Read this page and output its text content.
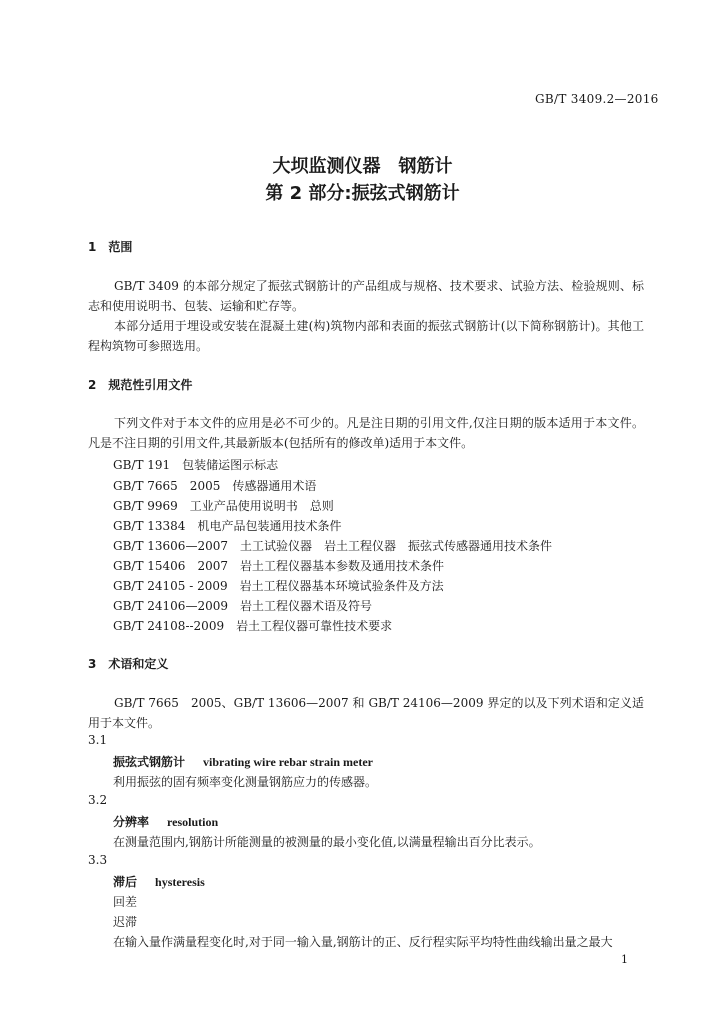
GB/T 3409.2—2016
大坝监测仪器　钢筋计
第 2 部分:振弦式钢筋计
1　范围
GB/T 3409 的本部分规定了振弦式钢筋计的产品组成与规格、技术要求、试验方法、检验规则、标志和使用说明书、包装、运输和贮存等。
本部分适用于埋设或安装在混凝土建(构)筑物内部和表面的振弦式钢筋计(以下简称钢筋计)。其他工程构筑物可参照选用。
2　规范性引用文件
下列文件对于本文件的应用是必不可少的。凡是注日期的引用文件,仅注日期的版本适用于本文件。凡是不注日期的引用文件,其最新版本(包括所有的修改单)适用于本文件。
GB/T 191　包装储运图示标志
GB/T 7665　2005　传感器通用术语
GB/T 9969　工业产品使用说明书　总则
GB/T 13384　机电产品包装通用技术条件
GB/T 13606—2007　土工试验仪器　岩土工程仪器　振弦式传感器通用技术条件
GB/T 15406　2007　岩土工程仪器基本参数及通用技术条件
GB/T 24105 - 2009　岩土工程仪器基本环境试验条件及方法
GB/T 24106—2009　岩土工程仪器术语及符号
GB/T 24108--2009　岩土工程仪器可靠性技术要求
3　术语和定义
GB/T 7665　2005、GB/T 13606—2007 和 GB/T 24106—2009 界定的以及下列术语和定义适用于本文件。
3.1
振弦式钢筋计 vibrating wire rebar strain meter
利用振弦的固有频率变化测量钢筋应力的传感器。
3.2
分辨率 resolution
在测量范围内,钢筋计所能测量的被测量的最小变化值,以满量程输出百分比表示。
3.3
滞后 hysteresis
回差
迟滞
在输入量作满量程变化时,对于同一输入量,钢筋计的正、反行程实际平均特性曲线输出量之最大
1
